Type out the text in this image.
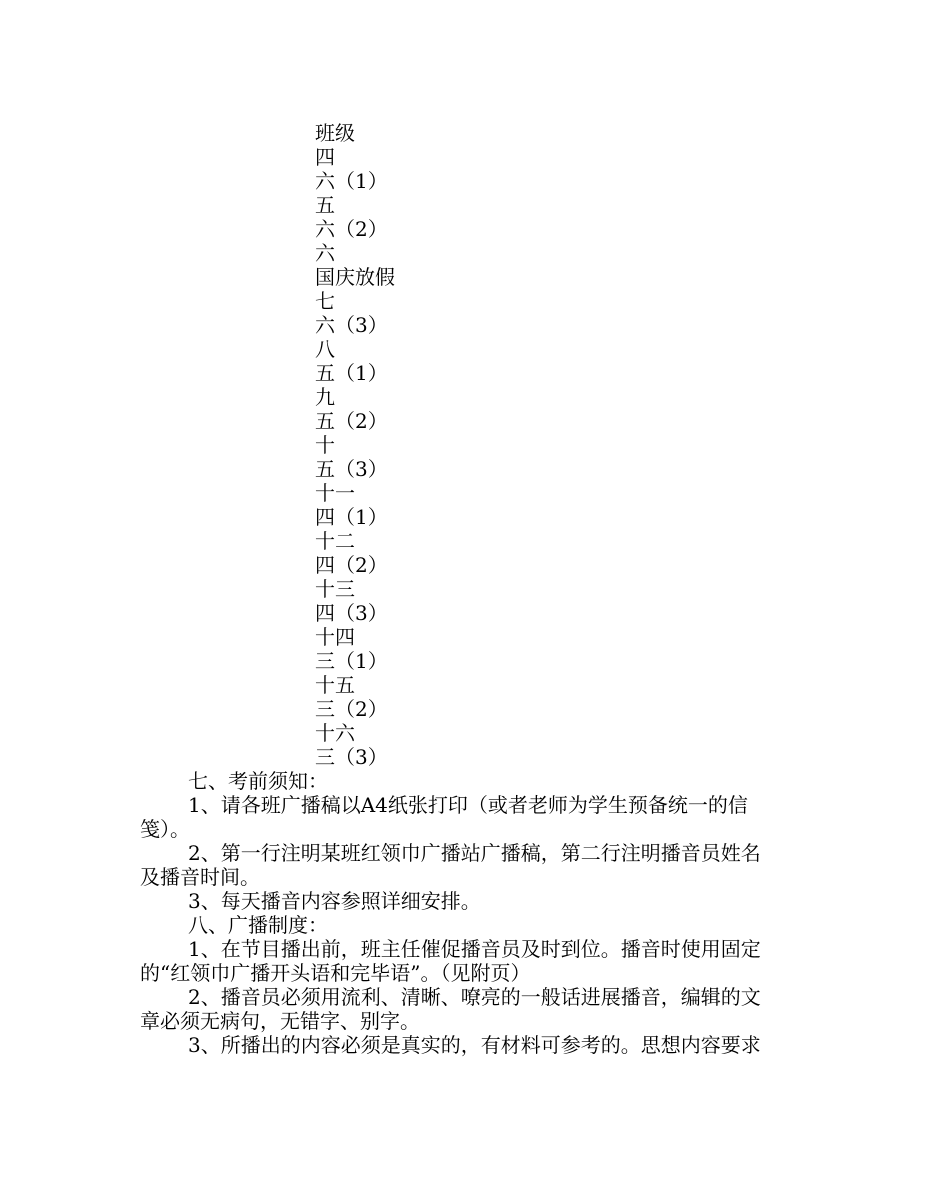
班级
四
六（1）
五
六（2）
六
国庆放假
七
六（3）
八
五（1）
九
五（2）
十
五（3）
十一
四（1）
十二
四（2）
十三
四（3）
十四
三（1）
十五
三（2）
十六
三（3）

七、考前须知：

1、请各班广播稿以A4纸张打印（或者老师为学生预备统一的信

笺）。

2、第一行注明某班红领巾广播站广播稿，第二行注明播音员姓名

及播音时间。

3、每天播音内容参照详细安排。

八、广播制度：

1、在节目播出前，班主任催促播音员及时到位。播音时使用固定

的“红领巾广播开头语和完毕语”。（见附页）

2、播音员必须用流利、清晰、嘹亮的一般话进展播音，编辑的文

章必须无病句，无错字、别字。

3、所播出的内容必须是真实的，有材料可参考的。思想内容要求
